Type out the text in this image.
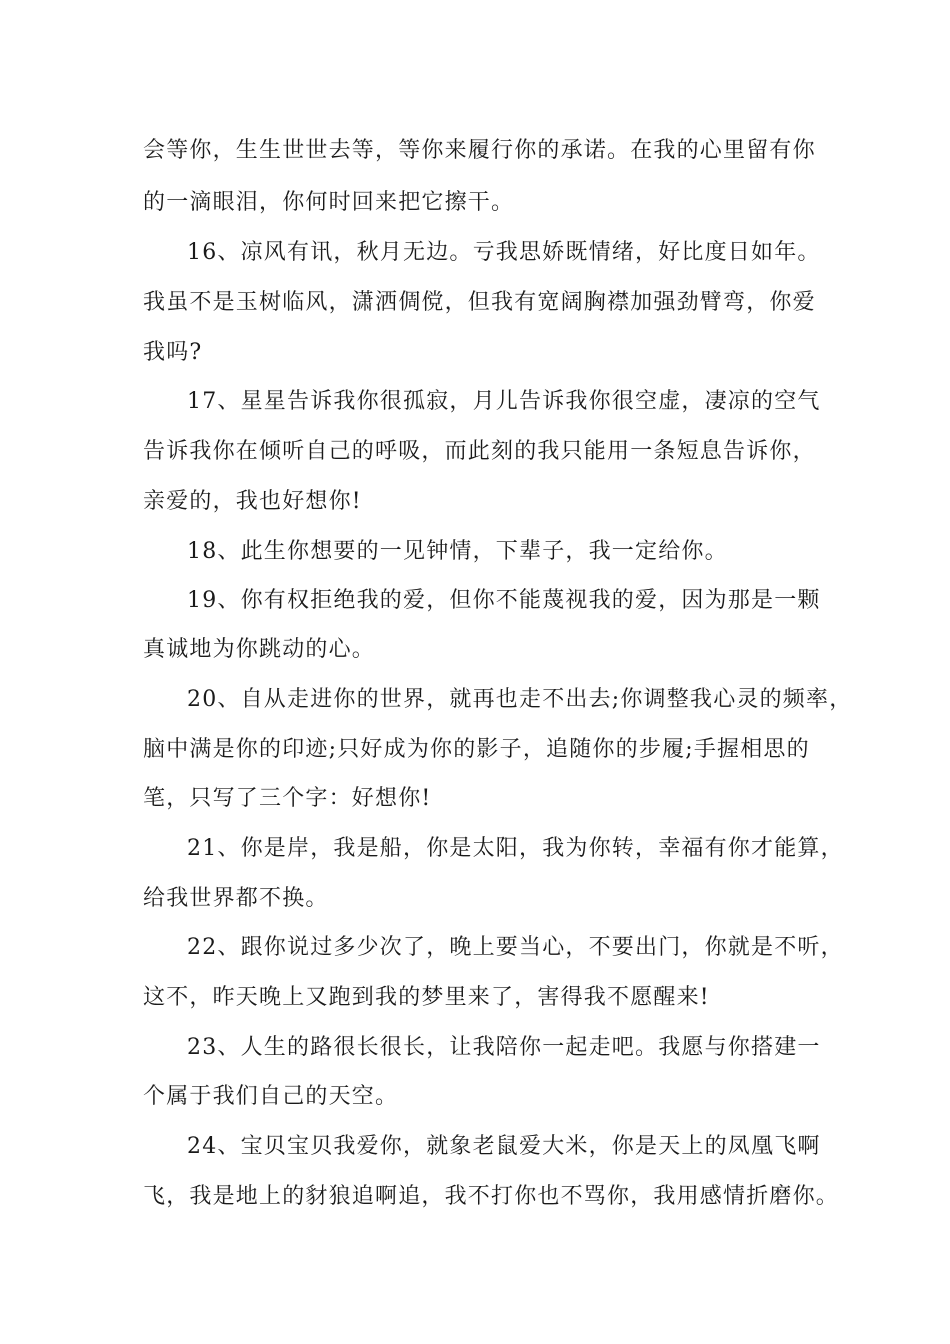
会等你，生生世世去等，等你来履行你的承诺。在我的心里留有你
的一滴眼泪，你何时回来把它擦干。
16、凉风有讯，秋月无边。亏我思娇既情绪，好比度日如年。
我虽不是玉树临风，潇洒倜傥，但我有宽阔胸襟加强劲臂弯，你爱
我吗?
17、星星告诉我你很孤寂，月儿告诉我你很空虚，凄凉的空气
告诉我你在倾听自己的呼吸，而此刻的我只能用一条短息告诉你，
亲爱的，我也好想你!
18、此生你想要的一见钟情，下辈子，我一定给你。
19、你有权拒绝我的爱，但你不能蔑视我的爱，因为那是一颗
真诚地为你跳动的心。
20、自从走进你的世界，就再也走不出去;你调整我心灵的频率，
脑中满是你的印迹;只好成为你的影子，追随你的步履;手握相思的
笔，只写了三个字：好想你!
21、你是岸，我是船，你是太阳，我为你转，幸福有你才能算，
给我世界都不换。
22、跟你说过多少次了，晚上要当心，不要出门，你就是不听，
这不，昨天晚上又跑到我的梦里来了，害得我不愿醒来!
23、人生的路很长很长，让我陪你一起走吧。我愿与你搭建一
个属于我们自己的天空。
24、宝贝宝贝我爱你，就象老鼠爱大米，你是天上的凤凰飞啊
飞，我是地上的豺狼追啊追，我不打你也不骂你，我用感情折磨你。
